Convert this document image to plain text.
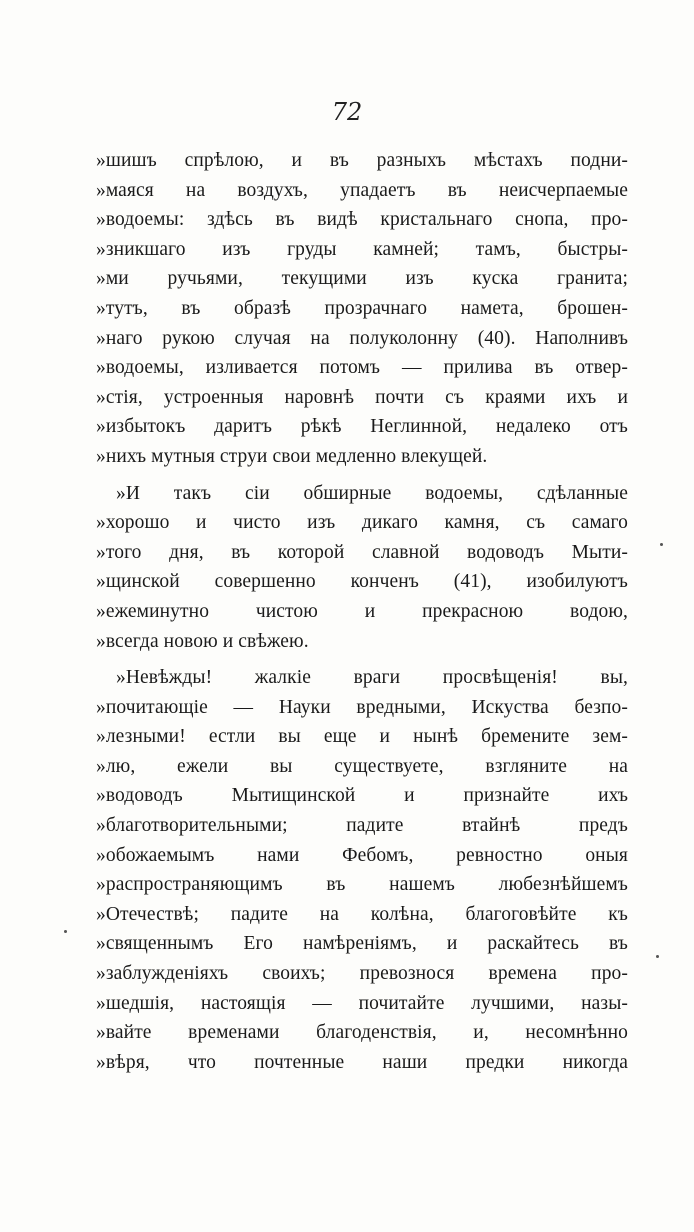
72
»шишъ спрѣлою, и въ разныхъ мѣстахъ подни-
»маяся на воздухъ, упадаетъ въ неисчерпаемые
»водоемы: здѣсь въ видѣ кристальнаго снопа, про-
»зникшаго изъ груды камней; тамъ, быстры-
»ми ручьями, текущими изъ куска гранита;
»тутъ, въ образѣ прозрачнаго намета, брошен-
»наго рукою случая на полуколонну (40). Наполнивъ
»водоемы, изливается потомъ — прилива въ отвер-
»стія, устроенныя наровнѣ почти съ краями ихъ и
»избытокъ даритъ рѣкѣ Неглинной, недалеко отъ
»нихъ мутныя струи свои медленно влекущей.
»И такъ сіи обширные водоемы, сдѣланные
»хорошо и чисто изъ дикаго камня, съ самаго
»того дня, въ которой славной водоводъ Мыти-
»щинской совершенно конченъ (41), изобилуютъ
»ежеминутно чистою и прекрасною водою,
»всегда новою и свѣжею.
»Невѣжды! жалкіе враги просвѣщенія! вы,
»почитающіе — Науки вредными, Искуства безпо-
»лезными! естли вы еще и нынѣ бремените зем-
»лю, ежели вы существуете, взглянитe на
»водоводъ Мытищинской и признайте ихъ
»благотворительными; падите втайнѣ предъ
»обожаемымъ нами Фебомъ, ревностно оныя
»распространяющимъ въ нашемъ любезнѣйшемъ
»Отечествѣ; падите на колѣна, благоговѣйте къ
»священнымъ Его намѣреніямъ, и раскайтесь въ
»заблужденіяхъ своихъ; превознося времена про-
»шедшія, настоящія — почитайте лучшими, назы-
»вайте временами благоденствія, и, несомнѣнно
»вѣря, что почтенные наши предки никогда
